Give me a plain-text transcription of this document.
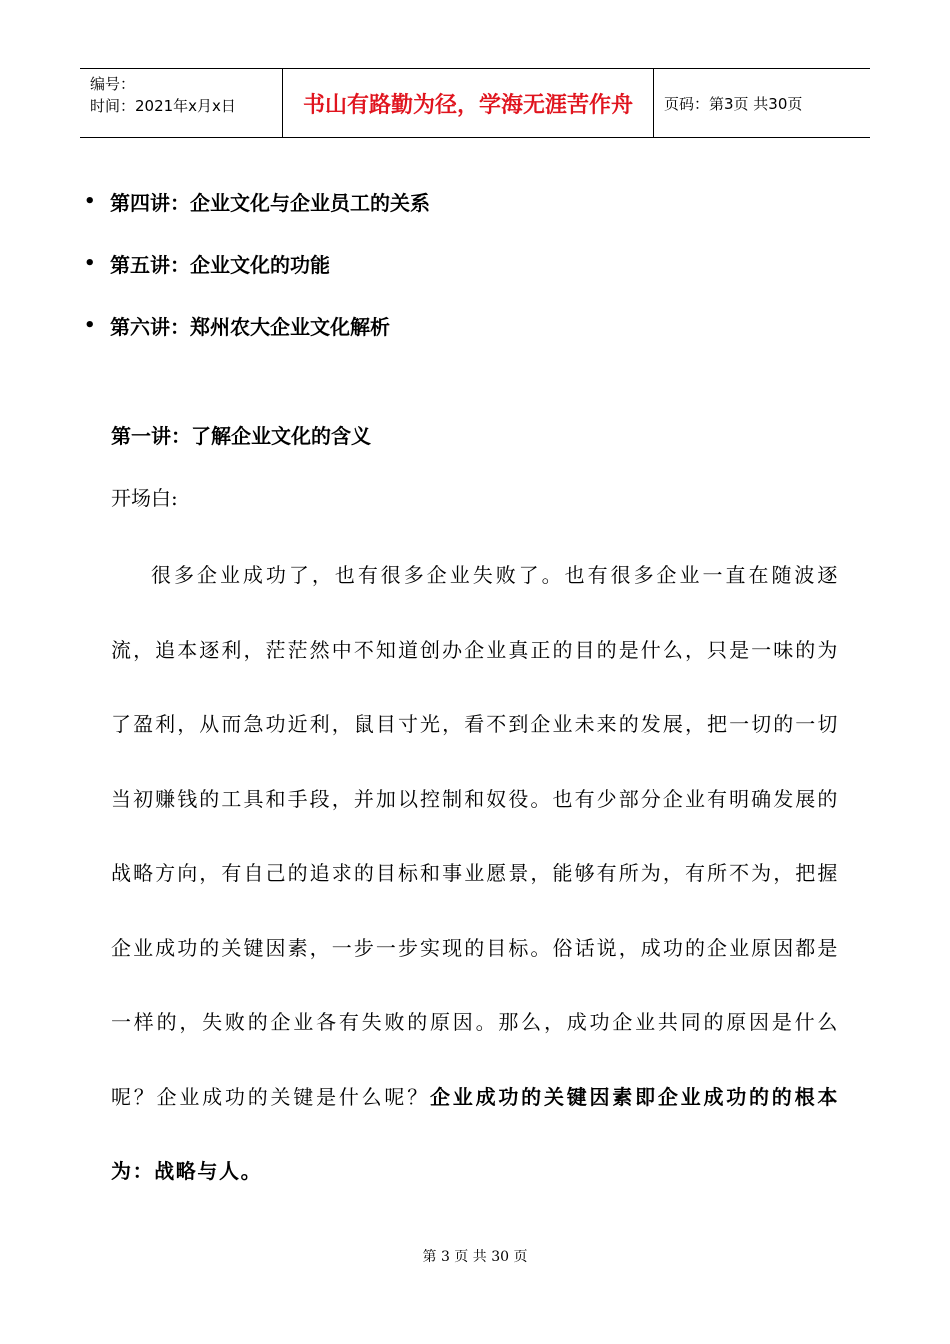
编号：
时间：2021年x月x日	书山有路勤为径，学海无涯苦作舟	页码：第3页 共30页
• 第四讲：企业文化与企业员工的关系
• 第五讲：企业文化的功能
• 第六讲：郑州农大企业文化解析
第一讲：了解企业文化的含义
开场白:

很多企业成功了，也有很多企业失败了。也有很多企业一直在随波逐流，追本逐利，茫茫然中不知道创办企业真正的目的是什么，只是一味的为了盈利，从而急功近利，鼠目寸光，看不到企业未来的发展，把一切的一切当初赚钱的工具和手段，并加以控制和奴役。也有少部分企业有明确发展的战略方向，有自己的追求的目标和事业愿景，能够有所为，有所不为，把握企业成功的关键因素，一步一步实现的目标。俗话说，成功的企业原因都是一样的，失败的企业各有失败的原因。那么，成功企业共同的原因是什么呢？企业成功的关键是什么呢？企业成功的关键因素即企业成功的的根本为：战略与人。

第 3 页 共 30 页
